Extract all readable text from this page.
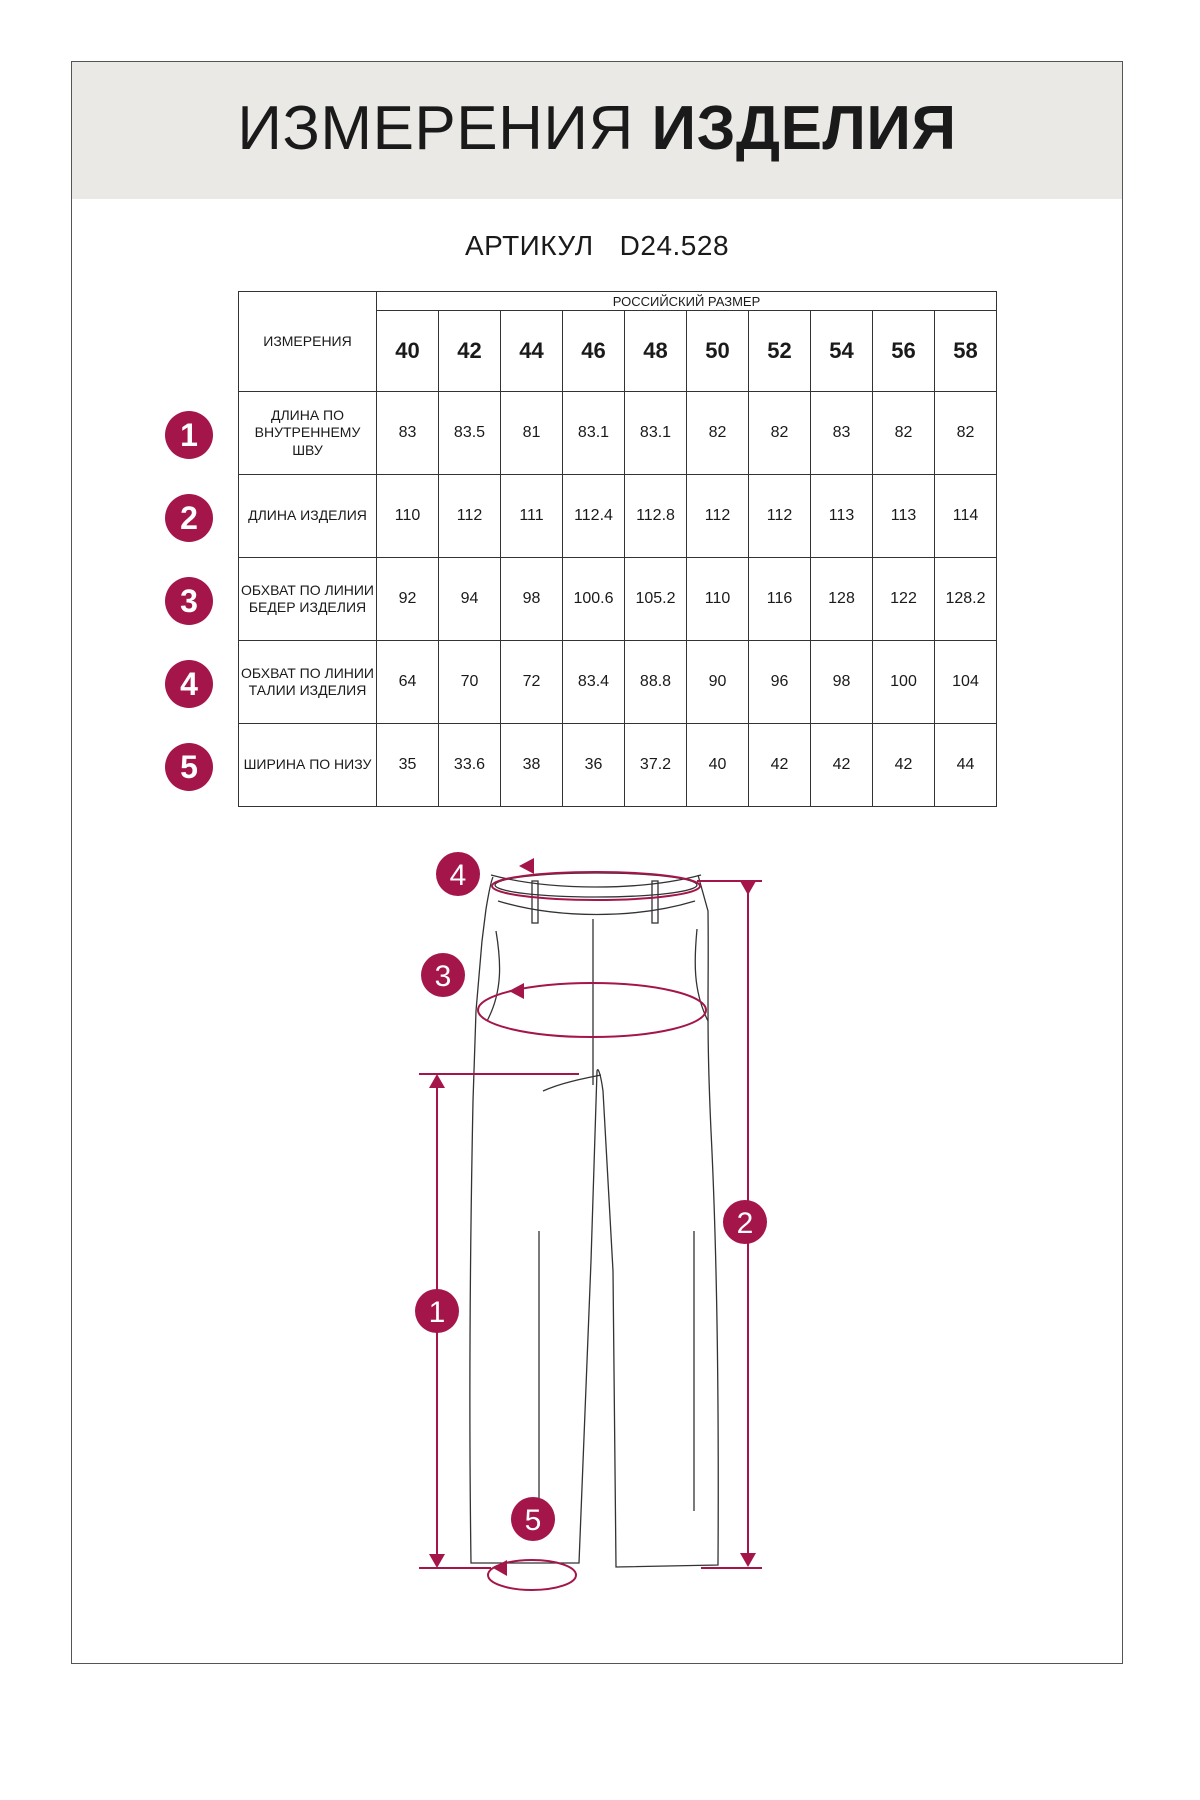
ИЗМЕРЕНИЯ ИЗДЕЛИЯ
АРТИКУЛ D24.528
ИЗМЕРЕНИЯ	РОССИЙСКИЙ РАЗМЕР									
	40	42	44	46	48	50	52	54	56	58
ДЛИНА ПО ВНУТРЕННЕМУ ШВУ	83	83.5	81	83.1	83.1	82	82	83	82	82
ДЛИНА ИЗДЕЛИЯ	110	112	111	112.4	112.8	112	112	113	113	114
ОБХВАТ ПО ЛИНИИ БЕДЕР ИЗДЕЛИЯ	92	94	98	100.6	105.2	110	116	128	122	128.2
ОБХВАТ ПО ЛИНИИ ТАЛИИ ИЗДЕЛИЯ	64	70	72	83.4	88.8	90	96	98	100	104
ШИРИНА ПО НИЗУ	35	33.6	38	36	37.2	40	42	42	42	44
1
2
3
4
5
1
2
3
4
5
